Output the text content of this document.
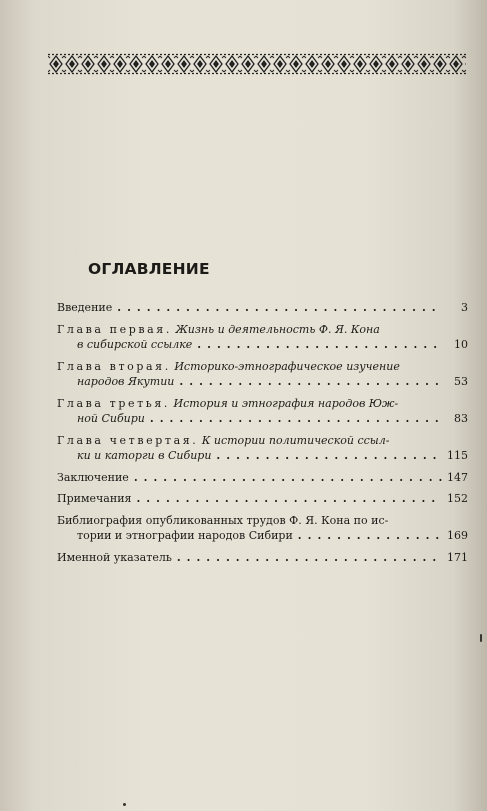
ОГЛАВЛЕНИЕ
Введение .....	3
Глава первая. Жизнь и деятельность Ф. Я. Кона
в сибирской ссылке .....	10
Глава вторая. Историко-этнографическое изучение
народов Якутии .....	53
Глава третья. История и этнография народов Юж-
ной Сибири .....	83
Глава четвертая. К истории политической ссыл-
ки и каторги в Сибири .....	115
Заключение .....	147
Примечания .....	152
Библиография опубликованных трудов Ф. Я. Кона по ис-
тории и этнографии народов Сибири .....	169
Именной указатель .....	171
